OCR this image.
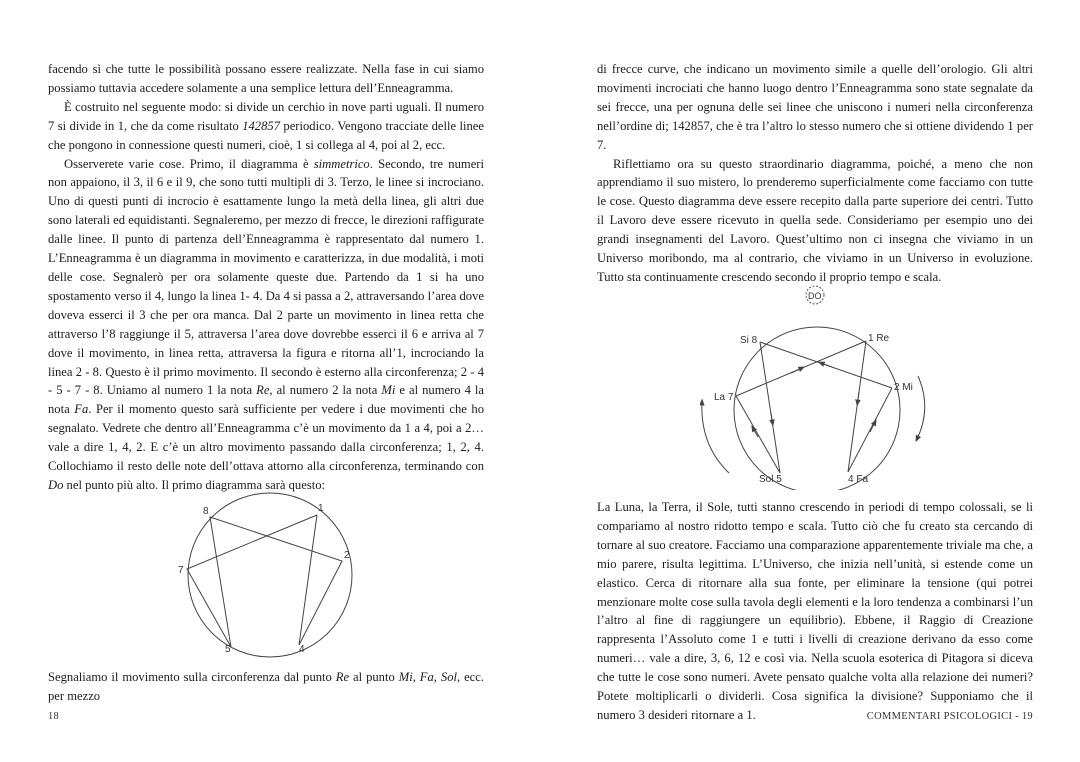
facendo sì che tutte le possibilità possano essere realizzate. Nella fase in cui siamo possiamo tuttavia accedere solamente a una semplice lettura dell’Enneagramma.

È costruito nel seguente modo: si divide un cerchio in nove parti uguali. Il numero 7 si divide in 1, che da come risultato 142857 periodico. Vengono tracciate delle linee che pongono in connessione questi numeri, cioè, 1 si collega al 4, poi al 2, ecc.

Osserverete varie cose. Primo, il diagramma è simmetrico. Secondo, tre numeri non appaiono, il 3, il 6 e il 9, che sono tutti multipli di 3. Terzo, le linee si incrociano. Uno di questi punti di incrocio è esattamente lungo la metà della linea, gli altri due sono laterali ed equidistanti. Segnaleremo, per mezzo di frecce, le direzioni raffigurate dalle linee. Il punto di partenza dell’Enneagramma è rappresentato dal numero 1. L’Enneagramma è un diagramma in movimento e caratterizza, in due modalità, i moti delle cose. Segnalerò per ora solamente queste due. Partendo da 1 si ha uno spostamento verso il 4, lungo la linea 1- 4. Da 4 si passa a 2, attraversando l’area dove doveva esserci il 3 che per ora manca. Dal 2 parte un movimento in linea retta che attraverso l’8 raggiunge il 5, attraversa l’area dove dovrebbe esserci il 6 e arriva al 7 dove il movimento, in linea retta, attraversa la figura e ritorna all’1, incrociando la linea 2 - 8. Questo è il primo movimento. Il secondo è esterno alla circonferenza; 2 - 4 - 5 - 7 - 8. Uniamo al numero 1 la nota Re, al numero 2 la nota Mi e al numero 4 la nota Fa. Per il momento questo sarà sufficiente per vedere i due movimenti che ho segnalato. Vedrete che dentro all’Enneagramma c’è un movimento da 1 a 4, poi a 2… vale a dire 1, 4, 2. E c’è un altro movimento passando dalla circonferenza; 1, 2, 4. Collochiamo il resto delle note dell’ottava attorno alla circonferenza, terminando con Do nel punto più alto. Il primo diagramma sarà questo:

8	1
2
7
5	4

Segnaliamo il movimento sulla circonferenza dal punto Re al punto Mi, Fa, Sol, ecc. per mezzo

18

di frecce curve, che indicano un movimento simile a quelle dell’orologio. Gli altri movimenti incrociati che hanno luogo dentro l’Enneagramma sono state segnalate da sei frecce, una per ognuna delle sei linee che uniscono i numeri nella circonferenza nell’ordine di; 142857, che è tra l’altro lo stesso numero che si ottiene dividendo 1 per 7.

Riflettiamo ora su questo straordinario diagramma, poiché, a meno che non apprendiamo il suo mistero, lo prenderemo superficialmente come facciamo con tutte le cose. Questo diagramma deve essere recepito dalla parte superiore dei centri. Tutto il Lavoro deve essere ricevuto in quella sede. Consideriamo per esempio uno dei grandi insegnamenti del Lavoro. Quest’ultimo non ci insegna che viviamo in un Universo moribondo, ma al contrario, che viviamo in un Universo in evoluzione. Tutto sta continuamente crescendo secondo il proprio tempo e scala.

DO
Si 8	1 Re
2 Mi
La 7
Sol 5	4 Fa

La Luna, la Terra, il Sole, tutti stanno crescendo in periodi di tempo colossali, se li compariamo al nostro ridotto tempo e scala. Tutto ciò che fu creato sta cercando di tornare al suo creatore. Facciamo una comparazione apparentemente triviale ma che, a mio parere, risulta legittima. L’Universo, che inizia nell’unità, si estende come un elastico. Cerca di ritornare alla sua fonte, per eliminare la tensione (qui potrei menzionare molte cose sulla tavola degli elementi e la loro tendenza a combinarsi l’un l’altro al fine di raggiungere un equilibrio). Ebbene, il Raggio di Creazione rappresenta l’Assoluto come 1 e tutti i livelli di creazione derivano da esso come numeri… vale a dire, 3, 6, 12 e così via. Nella scuola esoterica di Pitagora si diceva che tutte le cose sono numeri. Avete pensato qualche volta alla relazione dei numeri? Potete moltiplicarli o dividerli. Cosa significa la divisione? Supponiamo che il numero 3 desideri ritornare a 1.	COMMENTARI PSICOLOGICI - 19
